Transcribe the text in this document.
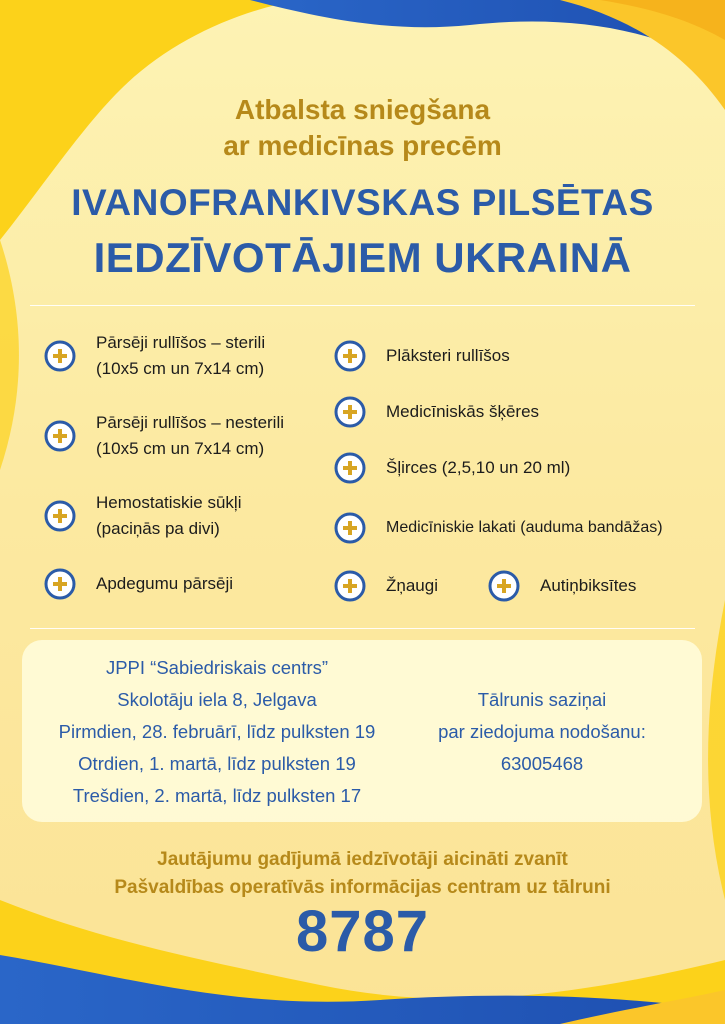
Atbalsta sniegšana
ar medicīnas precēm
IVANOFRANKIVSKAS PILSĒTAS
IEDZĪVOTĀJIEM UKRAINĀ
Pārsēji rullīšos – sterili
(10x5 cm un 7x14 cm)
Pārsēji rullīšos – nesterili
(10x5 cm un 7x14 cm)
Hemostatiskie sūkļi
(paciņās pa divi)
Apdegumu pārsēji
Plāksteri rullīšos
Medicīniskās šķēres
Šļirces (2,5,10 un 20 ml)
Medicīniskie lakati (auduma bandāžas)
Žņaugi	Autiņbiksītes
JPPI “Sabiedriskais centrs”
Skolotāju iela 8, Jelgava
Pirmdien, 28. februārī, līdz pulksten 19
Otrdien, 1. martā, līdz pulksten 19
Trešdien, 2. martā, līdz pulksten 17
Tālrunis saziņai
par ziedojuma nodošanu:
63005468
Jautājumu gadījumā iedzīvotāji aicināti zvanīt
Pašvaldības operatīvās informācijas centram uz tālruni
8787
